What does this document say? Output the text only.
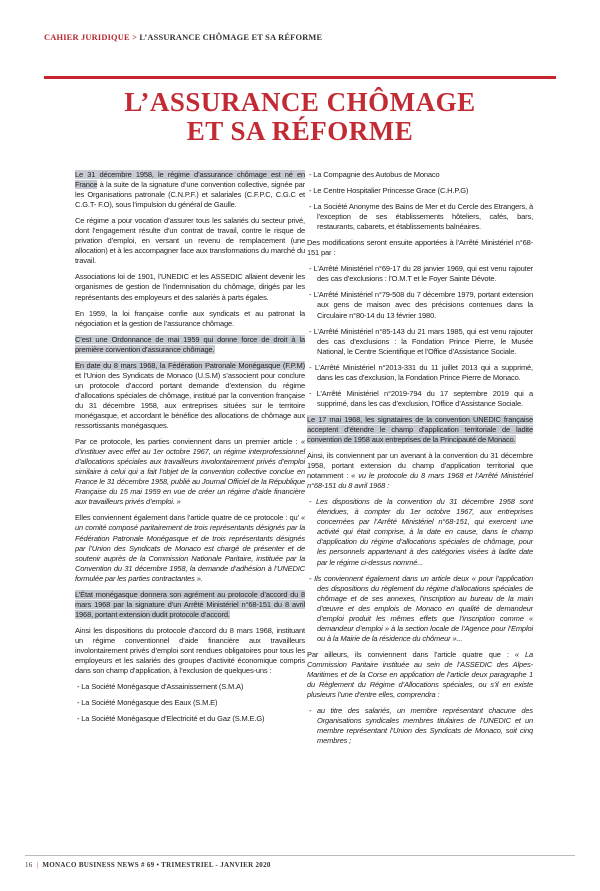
CAHIER JURIDIQUE > L’ASSURANCE CHÔMAGE ET SA RÉFORME
L’ASSURANCE CHÔMAGE
ET SA RÉFORME

Le 31 décembre 1958, le régime d’assurance chômage est né en France à la suite de la signature d’une convention collective, signée par les Organisations patronale (C.N.P.F.) et salariales (C.F.P.C, C.G.C et C.G.T- F.O), sous l’impulsion du général de Gaulle.

Ce régime a pour vocation d’assurer tous les salariés du secteur privé, dont l’engagement résulte d’un contrat de travail, contre le risque de privation d’emploi, en versant un revenu de remplacement (une allocation) et à les accompagner face aux transformations du marché du travail.

Associations loi de 1901, l’UNEDIC et les ASSEDIC allaient devenir les organismes de gestion de l’indemnisation du chômage, dirigés par les représentants des employeurs et des salariés à parts égales.

En 1959, la loi française confie aux syndicats et au patronat la négociation et la gestion de l’assurance chômage.

C’est une Ordonnance de mai 1959 qui donne force de droit à la première convention d’assurance chômage.

En date du 8 mars 1968, la Fédération Patronale Monégasque (F.P.M) et l’Union des Syndicats de Monaco (U.S.M) s’associent pour conclure un protocole d’accord portant demande d’extension du régime d’allocations spéciales de chômage, institué par la convention française du 31 décembre 1958, aux entreprises situées sur le territoire monégasque, et accordant le bénéfice des allocations de chômage aux ressortissants monégasques.

Par ce protocole, les parties conviennent dans un premier article : « d’instituer avec effet au 1er octobre 1967, un régime interprofessionnel d’allocations spéciales aux travailleurs involontairement privés d’emploi similaire à celui qui a fait l’objet de la convention collective conclue en France le 31 décembre 1958, publié au Journal Officiel de la République Française du 15 mai 1959 en vue de créer un régime d’aide financière aux travailleurs privés d’emploi. »

Elles conviennent également dans l’article quatre de ce protocole : qu’ « un comité composé paritairement de trois représentants désignés par la Fédération Patronale Monégasque et de trois représentants désignés par l’Union des Syndicats de Monaco est chargé de présenter et de soutenir auprès de la Commission Nationale Paritaire, instituée par la Convention du 31 décembre 1958, la demande d’adhésion à l’UNEDIC formulée par les parties contractantes ».

L’État monégasque donnera son agrément au protocole d’accord du 8 mars 1968 par la signature d’un Arrêté Ministériel n°68-151 du 8 avril 1968, portant extension dudit protocole d’accord.

Ainsi les dispositions du protocole d’accord du 8 mars 1968, instituant un régime conventionnel d’aide financière aux travailleurs involontairement privés d’emploi sont rendues obligatoires pour tous les employeurs et les salariés des groupes d’activité économique compris dans son champ d’application, à l’exclusion de quelques-uns :

- La Société Monégasque d’Assainissement (S.M.A)

- La Société Monégasque des Eaux (S.M.E)

- La Société Monégasque d’Electricité et du Gaz (S.M.E.G)

- La Compagnie des Autobus de Monaco

- Le Centre Hospitalier Princesse Grace (C.H.P.G)

- La Société Anonyme des Bains de Mer et du Cercle des Etrangers, à l’exception de ses établissements hôteliers, cafés, bars, restaurants, cabarets, et établissements balnéaires.

Des modifications seront ensuite apportées à l’Arrêté Ministériel n°68-151 par :

- L’Arrêté Ministériel n°69-17 du 28 janvier 1969, qui est venu rajouter des cas d’exclusions : l’O.M.T et le Foyer Sainte Dévote.

- L’Arrêté Ministériel n°79-508 du 7 décembre 1979, portant extension aux gens de maison avec des précisions contenues dans la Circulaire n°80-14 du 13 février 1980.

- L’Arrêté Ministériel n°85-143 du 21 mars 1985, qui est venu rajouter des cas d’exclusions : la Fondation Prince Pierre, le Musée National, le Centre Scientifique et l’Office d’Assistance Sociale.

- L’Arrêté Ministériel n°2013-331 du 11 juillet 2013 qui a supprimé, dans les cas d’exclusion, la Fondation Prince Pierre de Monaco.

- L’Arrêté Ministériel n°2019-794 du 17 septembre 2019 qui a supprimé, dans les cas d’exclusion, l’Office d’Assistance Sociale.

Le 17 mai 1968, les signataires de la convention UNEDIC française acceptent d’étendre le champ d’application territoriale de ladite convention de 1958 aux entreprises de la Principauté de Monaco.

Ainsi, ils conviennent par un avenant à la convention du 31 décembre 1958, portant extension du champ d’application territorial que notamment : « vu le protocole du 8 mars 1968 et l’Arrêté Ministériel n°68-151 du 8 avril 1968 :

- Les dispositions de la convention du 31 décembre 1958 sont étendues, à compter du 1er octobre 1967, aux entreprises concernées par l’Arrêté Ministériel n°68-151, qui exercent une activité qui était comprise, à la date en cause, dans le champ d’application du régime d’allocations spéciales de chômage, pour les personnels appartenant à des catégories visées à ladite date par le régime ci-dessus nommé...

- Ils conviennent également dans un article deux « pour l’application des dispositions du règlement du régime d’allocations spéciales de chômage et de ses annexes, l’inscription au bureau de la main d’œuvre et des emplois de Monaco en qualité de demandeur d’emploi produit les mêmes effets que l’inscription comme « demandeur d’emploi » à la section locale de l’Agence pour l’Emploi ou à la Mairie de la résidence du chômeur »...

Par ailleurs, ils conviennent dans l’article quatre que : « La Commission Paritaire instituée au sein de l’ASSEDIC des Alpes-Maritimes et de la Corse en application de l’article deux paragraphe 1 du Règlement du Régime d’Allocations spéciales, ou s’il en existe plusieurs l’une d’entre elles, comprendra :

- au titre des salariés, un membre représentant chacune des Organisations syndicales membres titulaires de l’UNEDIC et un membre représentant l’Union des Syndicats de Monaco, soit cinq membres ;

16 | MONACO BUSINESS NEWS # 69 • TRIMESTRIEL - JANVIER 2020
